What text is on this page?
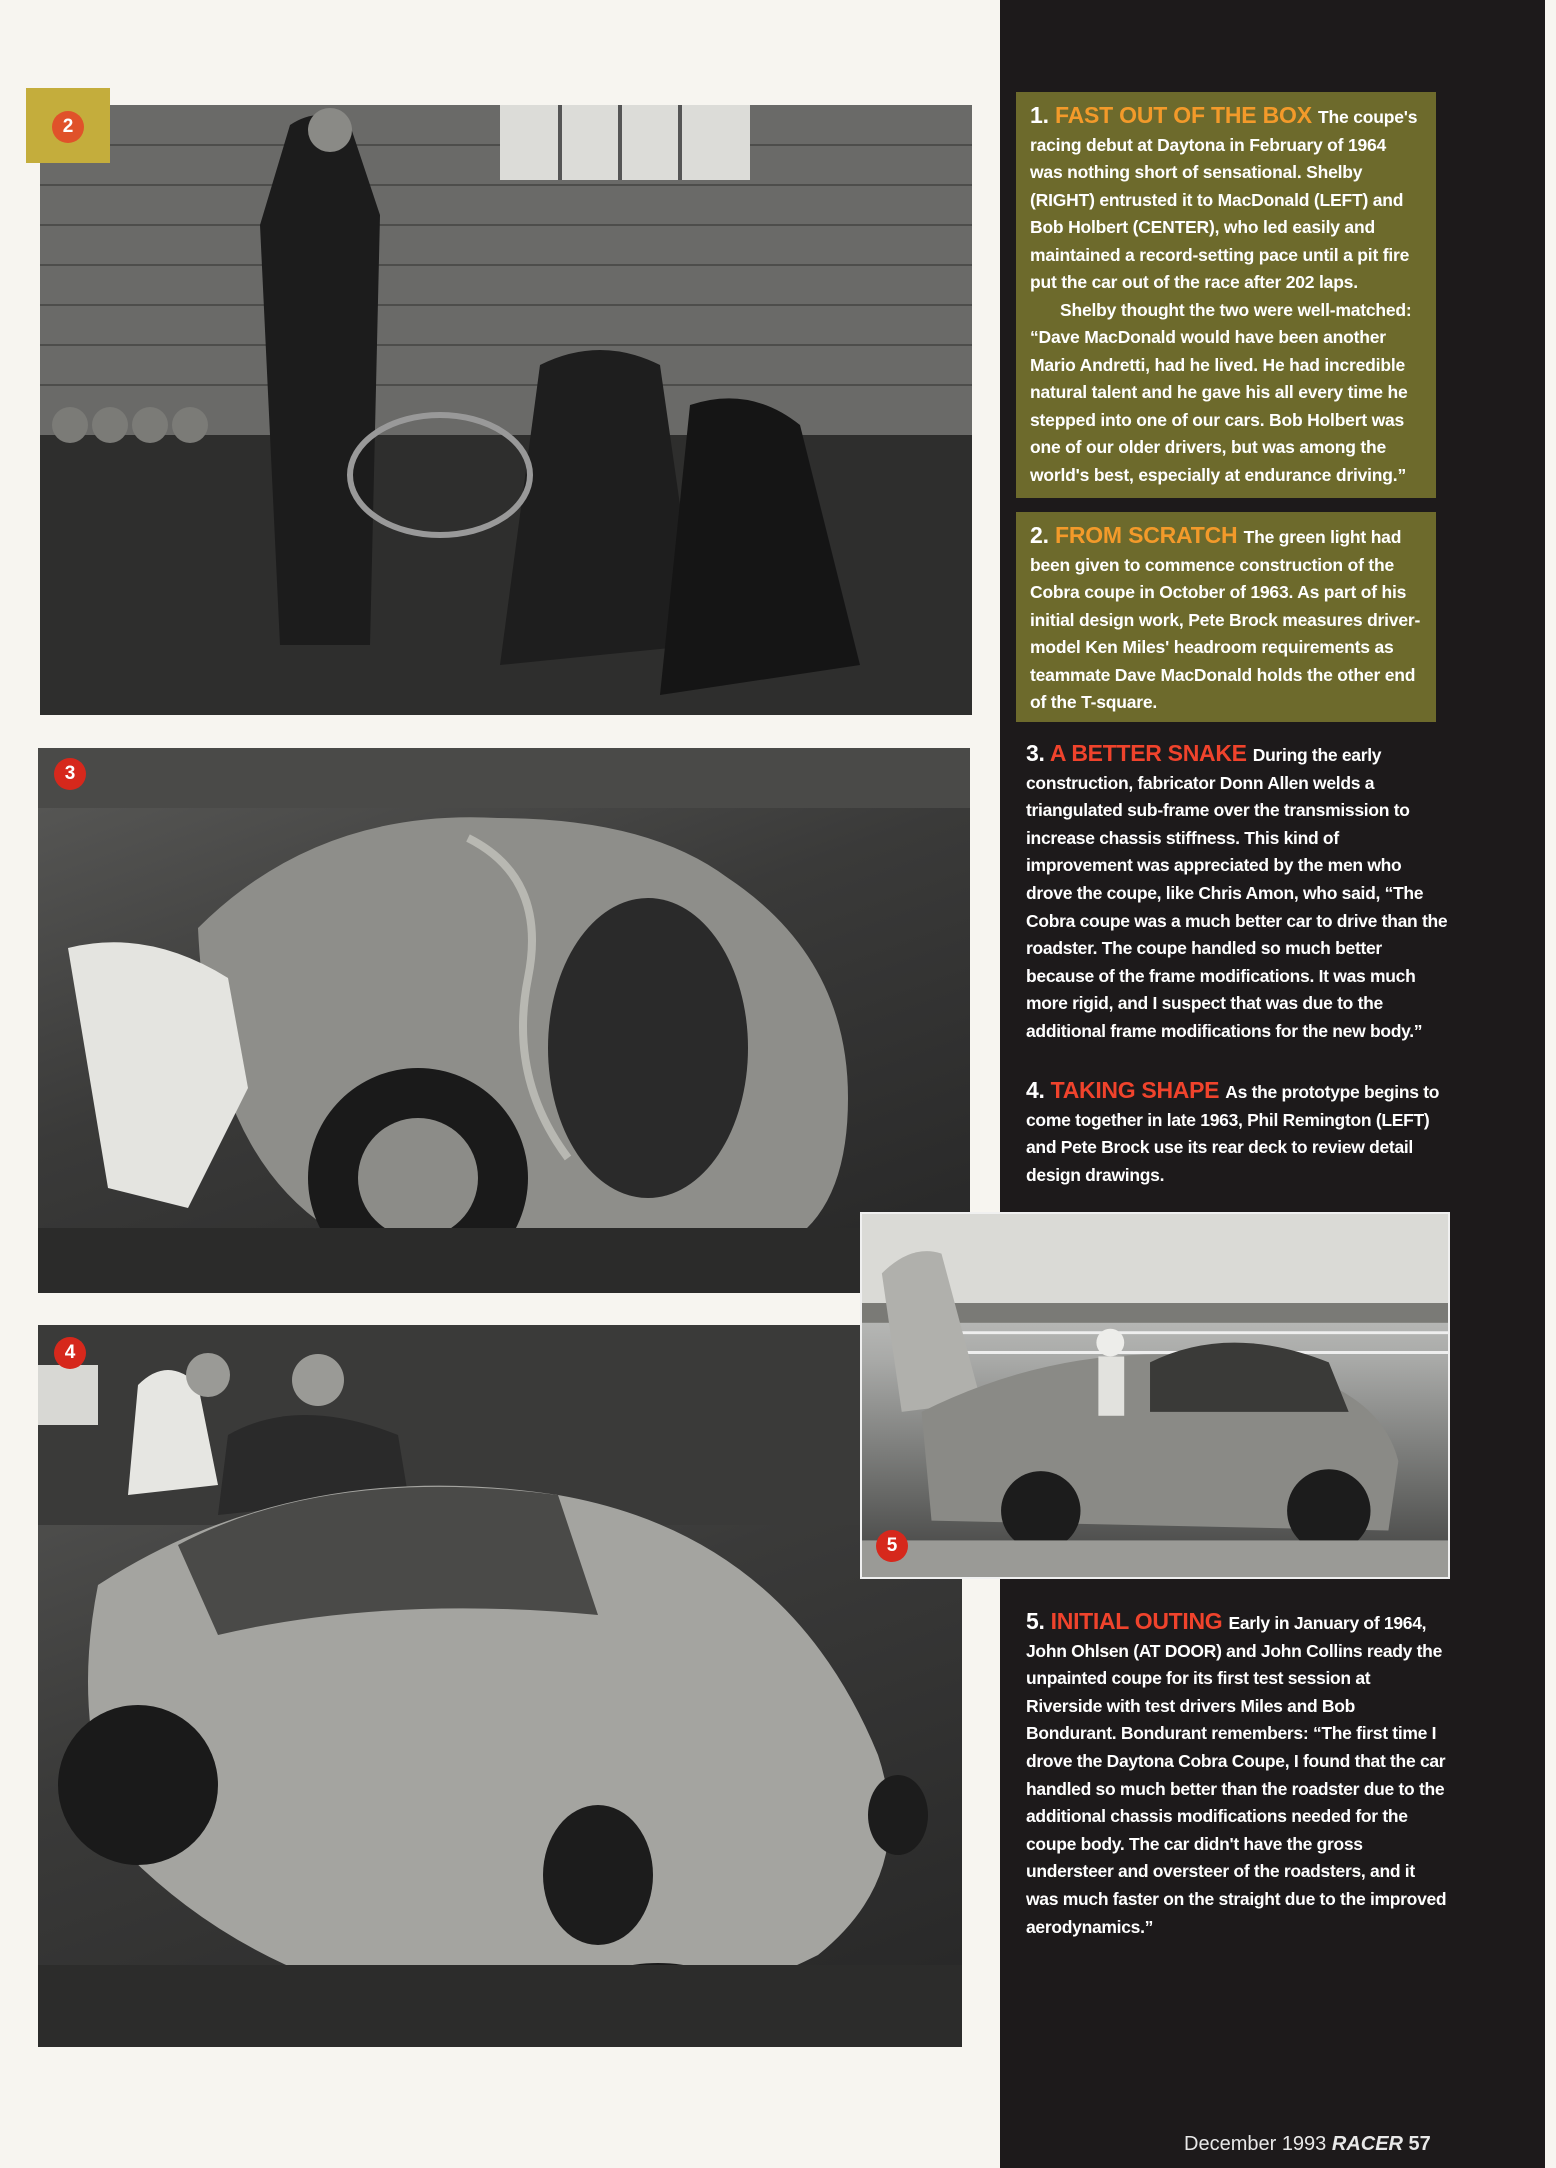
2
3
4
5
1. FAST OUT OF THE BOX The coupe's racing debut at Daytona in February of 1964 was nothing short of sensational. Shelby (RIGHT) entrusted it to MacDonald (LEFT) and Bob Holbert (CENTER), who led easily and maintained a record-setting pace until a pit fire put the car out of the race after 202 laps.
Shelby thought the two were well-matched: “Dave MacDonald would have been another Mario Andretti, had he lived. He had incredible natural talent and he gave his all every time he stepped into one of our cars. Bob Holbert was one of our older drivers, but was among the world's best, especially at endurance driving.”
2. FROM SCRATCH The green light had been given to commence construction of the Cobra coupe in October of 1963. As part of his initial design work, Pete Brock measures driver-model Ken Miles' headroom requirements as teammate Dave MacDonald holds the other end of the T-square.
3. A BETTER SNAKE During the early construction, fabricator Donn Allen welds a triangulated sub-frame over the transmission to increase chassis stiffness. This kind of improvement was appreciated by the men who drove the coupe, like Chris Amon, who said, “The Cobra coupe was a much better car to drive than the roadster. The coupe handled so much better because of the frame modifications. It was much more rigid, and I suspect that was due to the additional frame modifications for the new body.”
4. TAKING SHAPE As the prototype begins to come together in late 1963, Phil Remington (LEFT) and Pete Brock use its rear deck to review detail design drawings.
5. INITIAL OUTING Early in January of 1964, John Ohlsen (AT DOOR) and John Collins ready the unpainted coupe for its first test session at Riverside with test drivers Miles and Bob Bondurant. Bondurant remembers: “The first time I drove the Daytona Cobra Coupe, I found that the car handled so much better than the roadster due to the additional chassis modifications needed for the coupe body. The car didn't have the gross understeer and oversteer of the roadsters, and it was much faster on the straight due to the improved aerodynamics.”
December 1993 RACER 57
